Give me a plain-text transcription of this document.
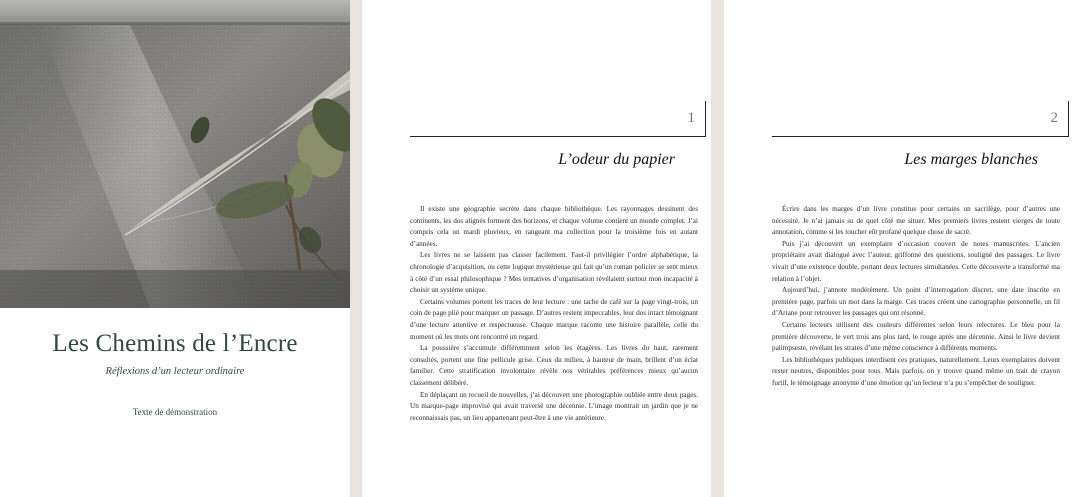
Les Chemins de l’Encre
Réflexions d’un lecteur ordinaire
Texte de démonstration
1
L’odeur du papier

Il existe une géographie secrète dans chaque bibliothèque. Les rayonnages dessinent des continents, les dos alignés forment des horizons, et chaque volume contient un monde complet. J’ai compris cela un mardi pluvieux, en rangeant ma collection pour la troisième fois en autant d’années.

Les livres ne se laissent pas classer facilement. Faut-il privilégier l’ordre alphabétique, la chronologie d’acquisition, ou cette logique mystérieuse qui fait qu’un roman policier se sent mieux à côté d’un essai philosophique ? Mes tentatives d’organisation révélaient surtout mon incapacité à choisir un système unique.

Certains volumes portent les traces de leur lecture : une tache de café sur la page vingt-trois, un coin de page plié pour marquer un passage. D’autres restent impeccables, leur dos intact témoignant d’une lecture attentive et respectueuse. Chaque marque raconte une histoire parallèle, celle du moment où les mots ont rencontré un regard.

La poussière s’accumule différemment selon les étagères. Les livres du haut, rarement consultés, portent une fine pellicule grise. Ceux du milieu, à hauteur de main, brillent d’un éclat familier. Cette stratification involontaire révèle nos véritables préférences mieux qu’aucun classement délibéré.

En déplaçant un recueil de nouvelles, j’ai découvert une photographie oubliée entre deux pages. Un marque-page improvisé qui avait traversé une décennie. L’image montrait un jardin que je ne reconnaissais pas, un lieu appartenant peut-être à une vie antérieure.

2
Les marges blanches

Écrire dans les marges d’un livre constitue pour certains un sacrilège, pour d’autres une nécessité. Je n’ai jamais su de quel côté me situer. Mes premiers livres restent vierges de toute annotation, comme si les toucher eût profané quelque chose de sacré.

Puis j’ai découvert un exemplaire d’occasion couvert de notes manuscrites. L’ancien propriétaire avait dialogué avec l’auteur, griffonné des questions, souligné des passages. Le livre vivait d’une existence double, portant deux lectures simultanées. Cette découverte a transformé ma relation à l’objet.

Aujourd’hui, j’annote modérément. Un point d’interrogation discret, une date inscrite en première page, parfois un mot dans la marge. Ces traces créent une cartographie personnelle, un fil d’Ariane pour retrouver les passages qui ont résonné.

Certains lecteurs utilisent des couleurs différentes selon leurs relectures. Le bleu pour la première découverte, le vert trois ans plus tard, le rouge après une décennie. Ainsi le livre devient palimpseste, révélant les strates d’une même conscience à différents moments.

Les bibliothèques publiques interdisent ces pratiques, naturellement. Leurs exemplaires doivent rester neutres, disponibles pour tous. Mais parfois, on y trouve quand même un trait de crayon furtif, le témoignage anonyme d’une émotion qu’un lecteur n’a pu s’empêcher de souligner.
